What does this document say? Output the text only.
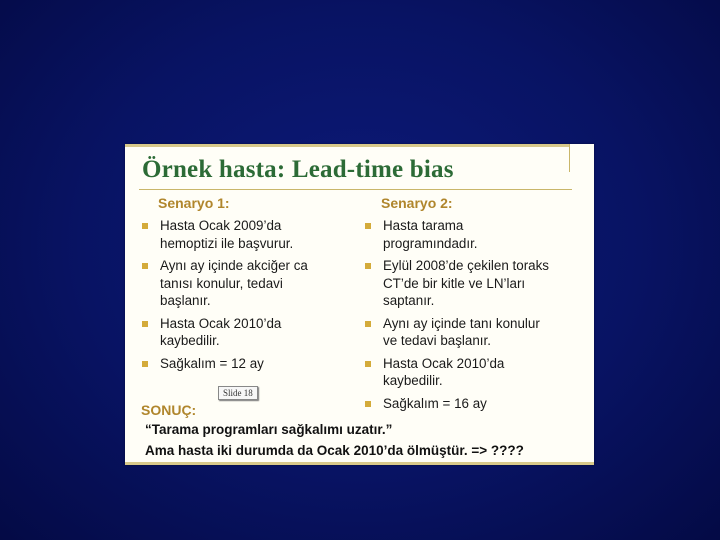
Örnek hasta: Lead-time bias
Senaryo 1:
Hasta Ocak 2009’da
hemoptizi ile başvurur.
Aynı ay içinde akciğer ca
tanısı konulur, tedavi
başlanır.
Hasta Ocak 2010’da
kaybedilir.
Sağkalım = 12 ay
Senaryo 2:
Hasta tarama
programındadır.
Eylül 2008’de çekilen toraks
CT’de bir kitle ve LN’ları
saptanır.
Aynı ay içinde tanı konulur
ve tedavi başlanır.
Hasta Ocak 2010’da
kaybedilir.
Sağkalım = 16 ay
Slide 18
SONUÇ:
“Tarama programları sağkalımı uzatır.”
Ama hasta iki durumda da Ocak 2010’da ölmüştür. => ????
